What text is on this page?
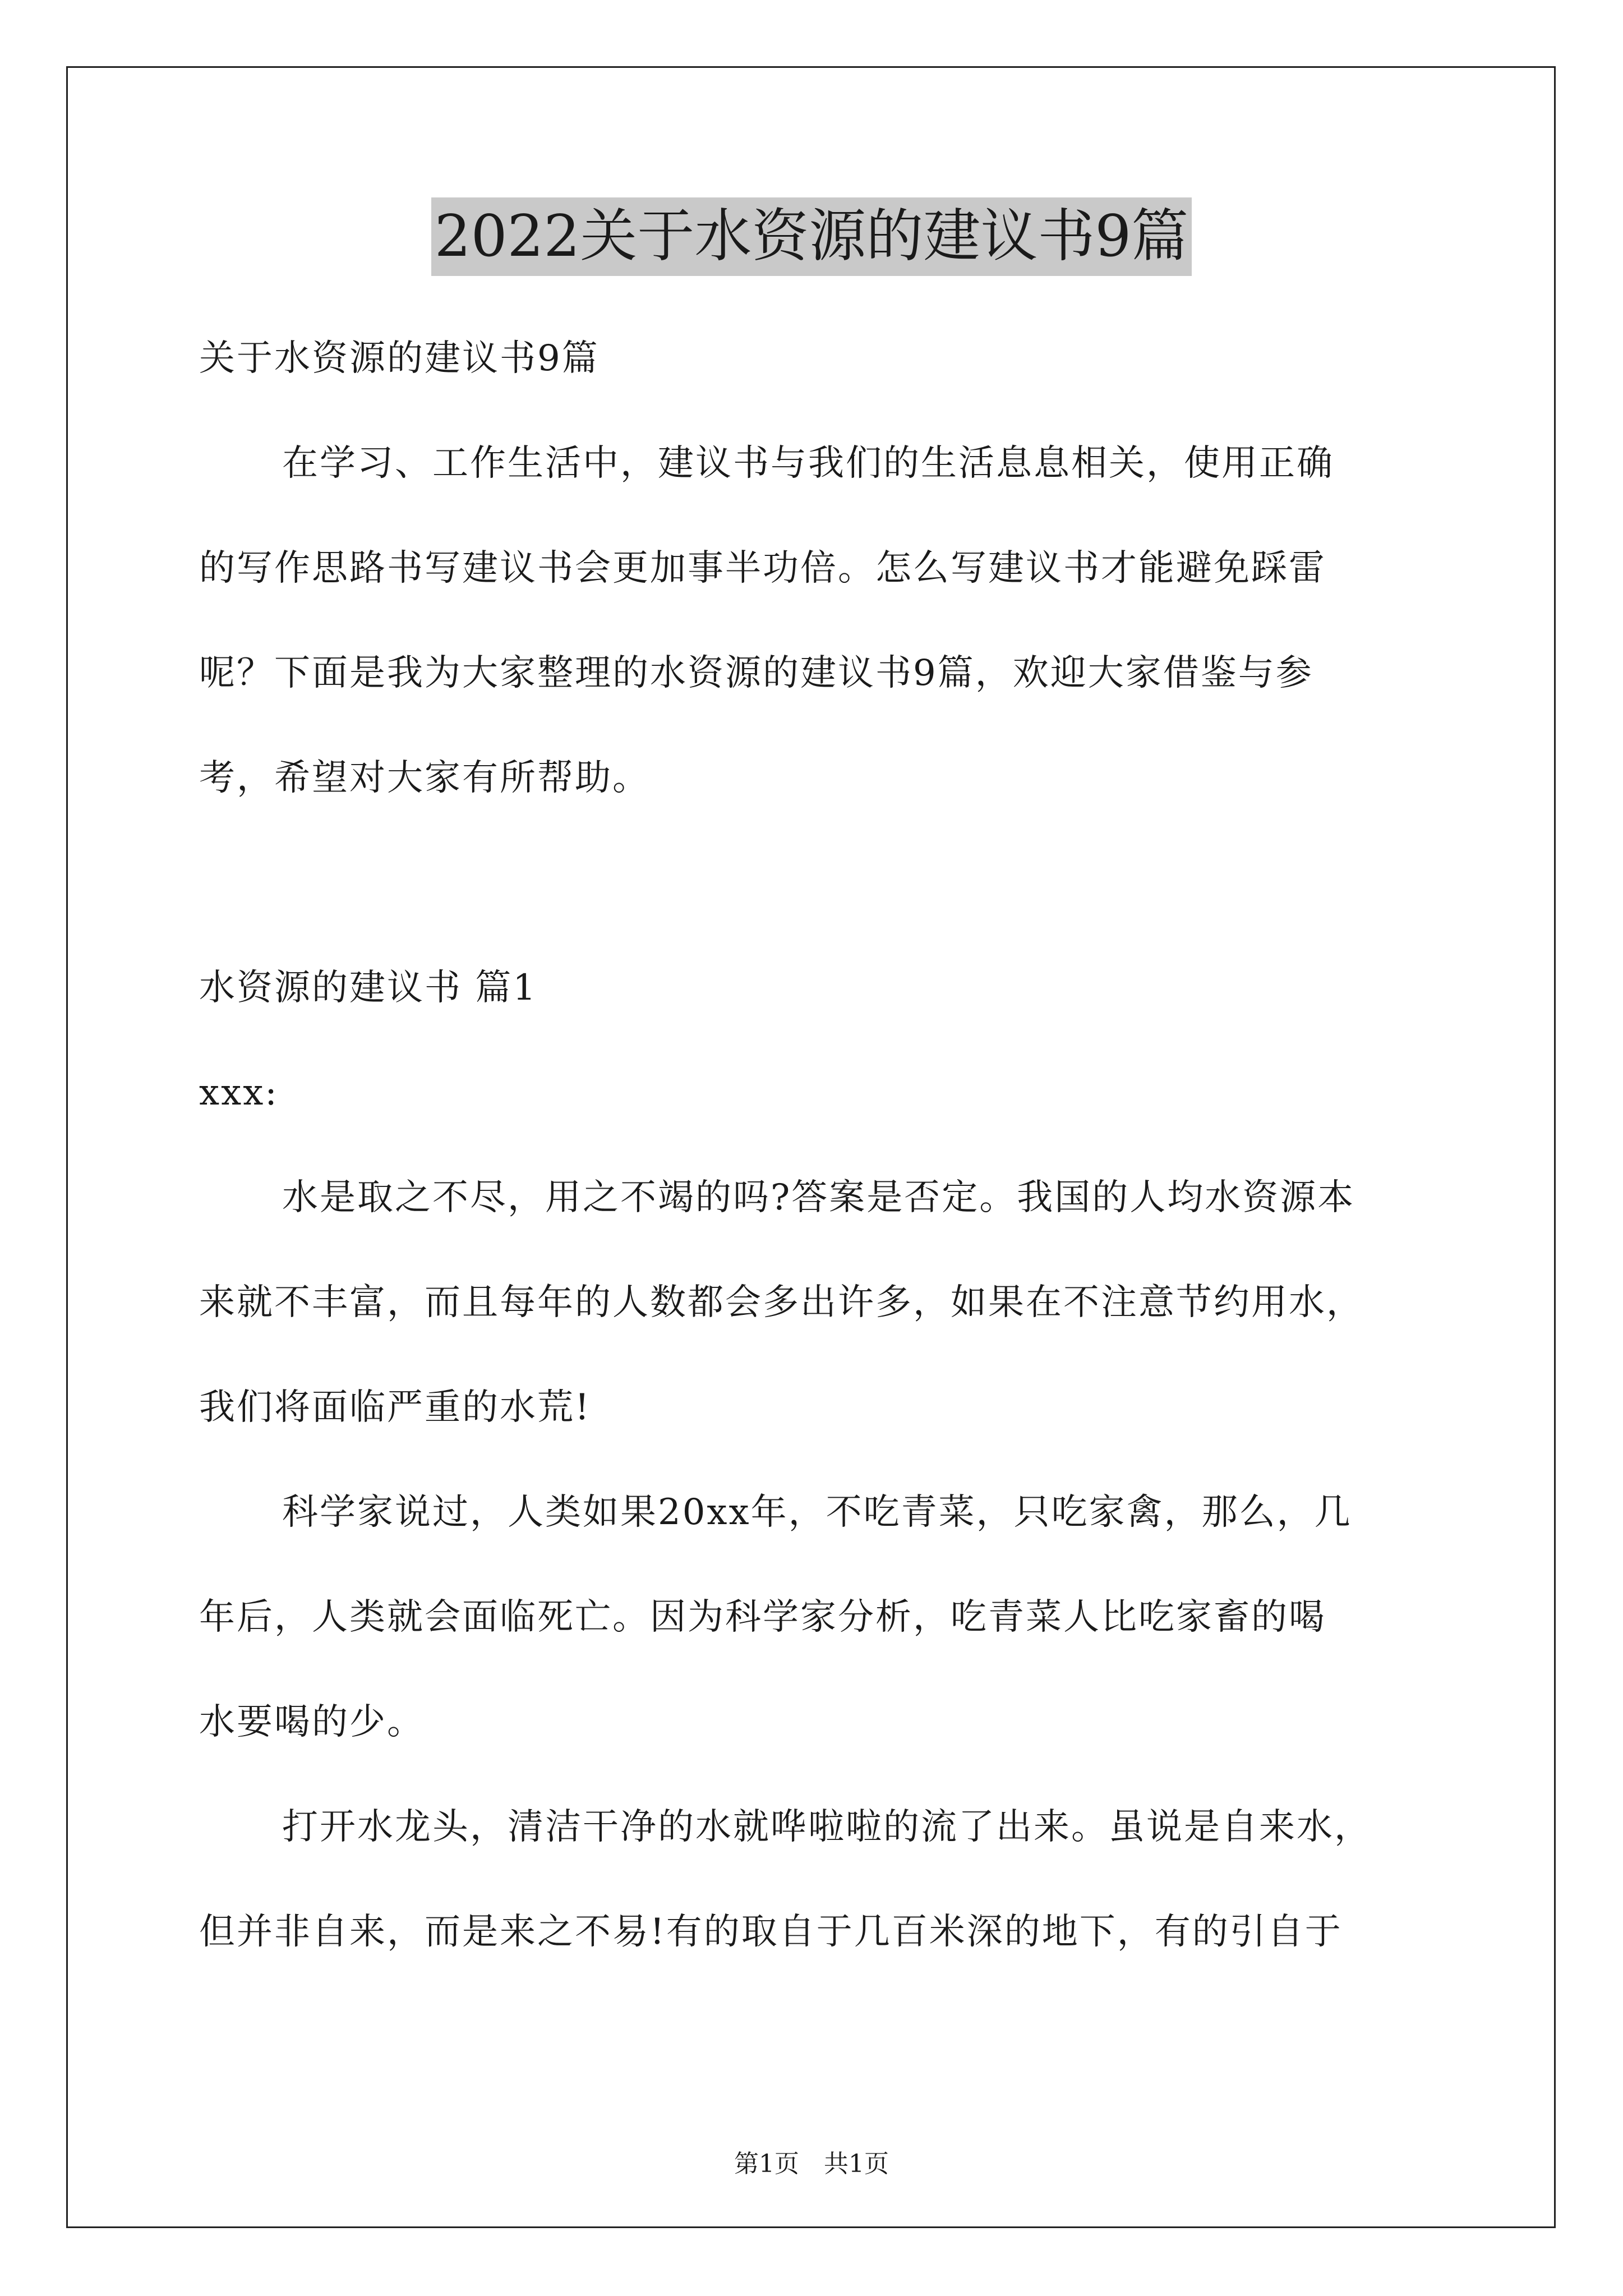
2022关于水资源的建议书9篇
关于水资源的建议书9篇
在学习、工作生活中，建议书与我们的生活息息相关，使用正确
的写作思路书写建议书会更加事半功倍。怎么写建议书才能避免踩雷
呢？下面是我为大家整理的水资源的建议书9篇，欢迎大家借鉴与参
考，希望对大家有所帮助。
水资源的建议书 篇1
xxx:
水是取之不尽，用之不竭的吗?答案是否定。我国的人均水资源本
来就不丰富，而且每年的人数都会多出许多，如果在不注意节约用水，
我们将面临严重的水荒!
科学家说过，人类如果20xx年，不吃青菜，只吃家禽，那么，几
年后，人类就会面临死亡。因为科学家分析，吃青菜人比吃家畜的喝
水要喝的少。
打开水龙头，清洁干净的水就哗啦啦的流了出来。虽说是自来水，
但并非自来，而是来之不易!有的取自于几百米深的地下，有的引自于
第1页　共1页
